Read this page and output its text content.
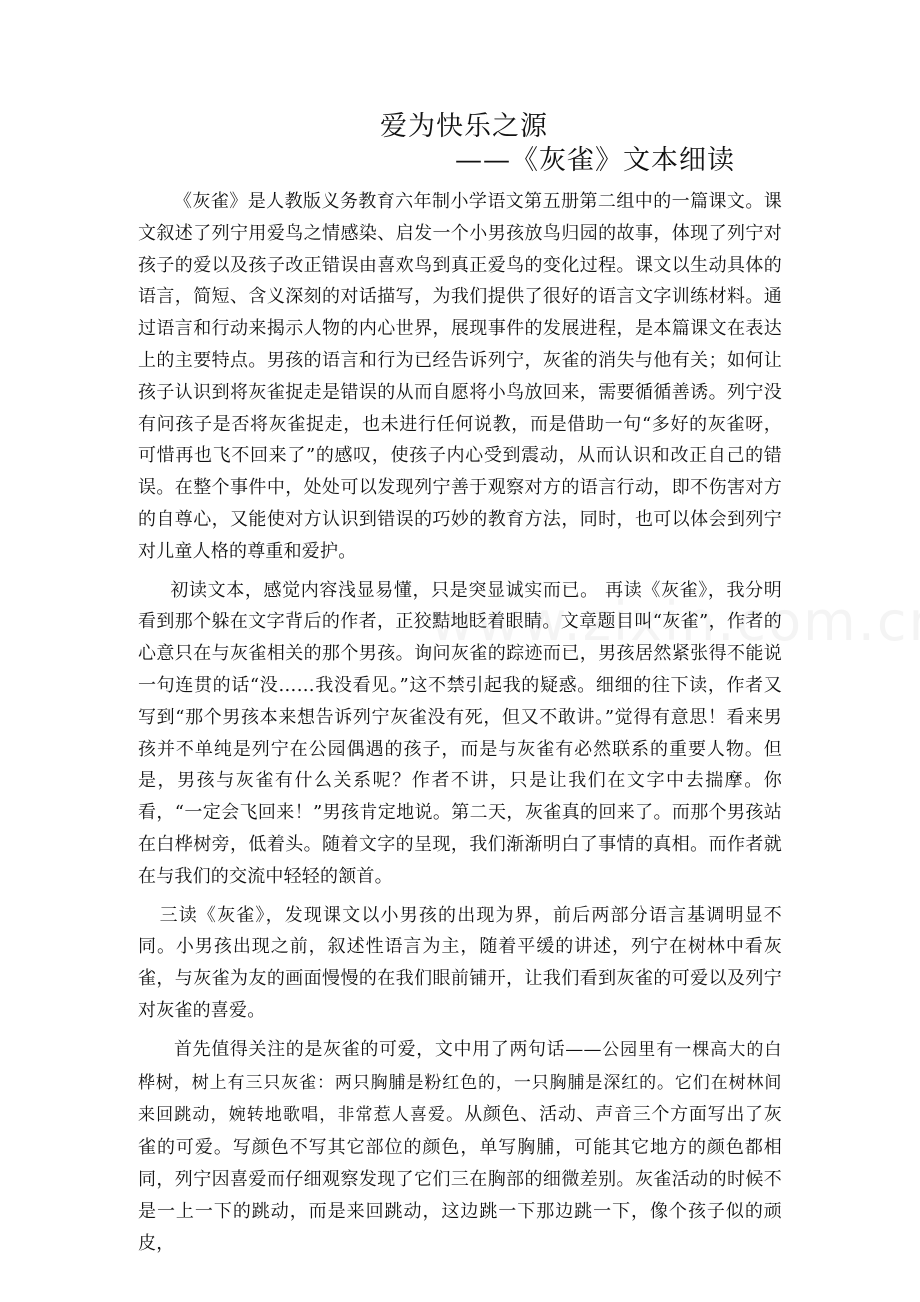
爱为快乐之源
——《灰雀》文本细读

《灰雀》是人教版义务教育六年制小学语文第五册第二组中的一篇课文。课文叙述了列宁用爱鸟之情感染、启发一个小男孩放鸟归园的故事，体现了列宁对孩子的爱以及孩子改正错误由喜欢鸟到真正爱鸟的变化过程。课文以生动具体的语言，简短、含义深刻的对话描写，为我们提供了很好的语言文字训练材料。通过语言和行动来揭示人物的内心世界，展现事件的发展进程，是本篇课文在表达上的主要特点。男孩的语言和行为已经告诉列宁，灰雀的消失与他有关；如何让孩子认识到将灰雀捉走是错误的从而自愿将小鸟放回来，需要循循善诱。列宁没有问孩子是否将灰雀捉走，也未进行任何说教，而是借助一句“多好的灰雀呀，可惜再也飞不回来了”的感叹，使孩子内心受到震动，从而认识和改正自己的错误。在整个事件中，处处可以发现列宁善于观察对方的语言行动，即不伤害对方的自尊心，又能使对方认识到错误的巧妙的教育方法，同时，也可以体会到列宁对儿童人格的尊重和爱护。

初读文本，感觉内容浅显易懂，只是突显诚实而已。 再读《灰雀》，我分明看到那个躲在文字背后的作者，正狡黠地眨着眼睛。文章题目叫“灰雀”，作者的心意只在与灰雀相关的那个男孩。询问灰雀的踪迹而已，男孩居然紧张得不能说一句连贯的话“没……我没看见。”这不禁引起我的疑惑。细细的往下读，作者又写到“那个男孩本来想告诉列宁灰雀没有死，但又不敢讲。”觉得有意思！看来男孩并不单纯是列宁在公园偶遇的孩子，而是与灰雀有必然联系的重要人物。但是，男孩与灰雀有什么关系呢？作者不讲，只是让我们在文字中去揣摩。你看，“一定会飞回来！”男孩肯定地说。第二天，灰雀真的回来了。而那个男孩站在白桦树旁，低着头。随着文字的呈现，我们渐渐明白了事情的真相。而作者就在与我们的交流中轻轻的颔首。

三读《灰雀》，发现课文以小男孩的出现为界，前后两部分语言基调明显不同。小男孩出现之前，叙述性语言为主，随着平缓的讲述，列宁在树林中看灰雀，与灰雀为友的画面慢慢的在我们眼前铺开，让我们看到灰雀的可爱以及列宁对灰雀的喜爱。

首先值得关注的是灰雀的可爱，文中用了两句话——公园里有一棵高大的白桦树，树上有三只灰雀：两只胸脯是粉红色的，一只胸脯是深红的。它们在树林间来回跳动，婉转地歌唱，非常惹人喜爱。从颜色、活动、声音三个方面写出了灰雀的可爱。写颜色不写其它部位的颜色，单写胸脯，可能其它地方的颜色都相同，列宁因喜爱而仔细观察发现了它们三在胸部的细微差别。灰雀活动的时候不是一上一下的跳动，而是来回跳动，这边跳一下那边跳一下，像个孩子似的顽皮，
